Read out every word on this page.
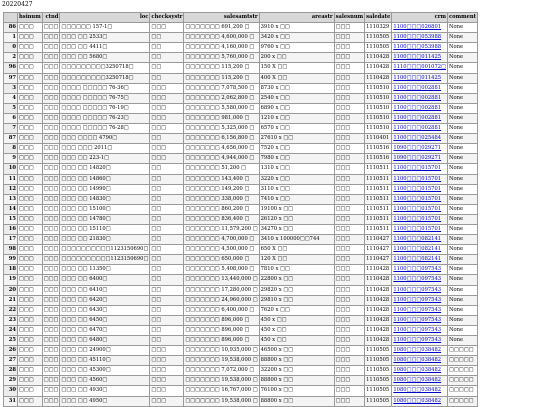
20220427
	hsinum	ctnd	loc	checksystr	salesamtstr	areastr	salesnum	saledate	crm	comment
86	□□□	□□□	□□□□□□ 157-1□	□□□	□□□□□□□ 691,200 □	3910 x □□	□□□	1110329	1100□□□026801	None
1	□□□	□□□	□□□ □□ 2533□	□□	□□□□□□□ 4,600,000 □	3420 x □□	□□□	1110505	1100□□□053988	None
0	□□□	□□□	□□□ □□ 4411□	□□	□□□□□□□ 4,160,000 □	9760 x □□	□□□	1110505	1100□□□053988	None
2	□□□	□□□	□□□ □□ 5680□	□□	□□□□□□□ 5,760,000 □	200 x □□	□□□	1110428	1100□□□011425	None
96	□□□	□□□	□□□□□□□□□3250718□	□□	□□□□□□□ 115,200 □	150 X □□	□□□	1110428	1110□□□001072□	None
97	□□□	□□□	□□□□□□□□□3250718□	□□	□□□□□□□ 115,200 □	400 X □□	□□□	1110428	1100□□□011425	None
3	□□□	□□□	□□□□ □□□□□ 76-36□	□□□	□□□□□□□ 7,078,500 □	8730 x □□	□□□	1110510	1100□□□002881	None
4	□□□	□□□	□□□□ □□□□□ 76-75□	□□□	□□□□□□□ 2,062,800 □	2540 x □□	□□□	1110510	1100□□□002881	None
5	□□□	□□□	□□□□ □□□□□ 76-19□	□□□	□□□□□□□ 5,580,000 □	6890 x □□	□□□	1110510	1100□□□002881	None
6	□□□	□□□	□□□□ □□□□□ 76-23□	□□□	□□□□□□□ 981,000 □	1210 x □□	□□□	1110510	1100□□□002881	None
7	□□□	□□□	□□□□ □□□□□ 76-28□	□□□	□□□□□□□ 5,325,000 □	6570 x □□	□□□	1110510	1100□□□002881	None
87	□□□	□□□	□□□ □□□□ 4790□	□□	□□□□□□□ 6,156,800 □	27610 x □□	□□□	1110401	1100□□□025484	None
8	□□□	□□□	□□□ □□□ 2011□	□□□	□□□□□□□ 4,656,000 □	7520 x □□	□□□	1110516	1090□□□029271	None
9	□□□	□□□	□□□ □□ 223-1□	□□□	□□□□□□□ 4,944,000 □	7980 x □□	□□□	1110516	1090□□□029271	None
10	□□□	□□□	□□□ □□ 14820□	□□	□□□□□□□ 51,200 □	1310 x □□	□□□	1110511	1100□□□015701	None
11	□□□	□□□	□□□ □□ 14860□	□□	□□□□□□□ 143,400 □	3220 x □□	□□□	1110511	1100□□□015701	None
12	□□□	□□□	□□□ □□ 14990□	□□	□□□□□□□ 149,200 □	3110 x □□	□□□	1110511	1100□□□015701	None
13	□□□	□□□	□□□ □□ 14830□	□□	□□□□□□□ 338,000 □	7410 x □□	□□□	1110511	1100□□□015701	None
14	□□□	□□□	□□□ □□ 15100□	□□	□□□□□□□ 860,200 □	19100 x □□	□□□	1110511	1100□□□015701	None
15	□□□	□□□	□□□ □□ 14780□	□□	□□□□□□□ 836,400 □	26120 x □□	□□□	1110511	1100□□□015701	None
16	□□□	□□□	□□□ □□ 15110□	□□	□□□□□□□ 11,579,200 □	34270 x □□	□□□	1110511	1100□□□015701	None
17	□□□	□□□	□□□ □□ 21830□	□□	□□□□□□□ 4,700,000 □	3410 x 100000□□744	□□□	1110427	1100□□□082141	None
98	□□□	□□□	□□□□□□□□□□1123150690□	□□	□□□□□□□ 4,500,000 □	650 X □□	□□□	1110427	1100□□□082141	None
99	□□□	□□□	□□□□□□□□□□1123150690□	□□	□□□□□□□ 650,000 □	120 X □□	□□□	1110427	1100□□□082141	None
18	□□□	□□□	□□□ □□ 11350□	□□	□□□□□□□ 5,408,000 □	7810 x □□	□□□	1110428	1100□□□097543	None
19	□□□	□□□	□□□ □□ 6400□	□□	□□□□□□□ 13,440,000 □	22800 x □□	□□□	1110428	1100□□□097543	None
20	□□□	□□□	□□□ □□ 6410□	□□	□□□□□□□ 17,280,000 □	29820 x □□	□□□	1110428	1100□□□097543	None
21	□□□	□□□	□□□ □□ 6420□	□□	□□□□□□□ 24,960,000 □	29810 x □□	□□□	1110428	1100□□□097543	None
22	□□□	□□□	□□□ □□ 6430□	□□	□□□□□□□ 6,400,000 □	7620 x □□	□□□	1110428	1100□□□097543	None
23	□□□	□□□	□□□ □□ 6450□	□□	□□□□□□□ 896,000 □	450 x □□	□□□	1110428	1100□□□097543	None
24	□□□	□□□	□□□ □□ 6470□	□□	□□□□□□□ 896,000 □	450 x □□	□□□	1110428	1100□□□097543	None
25	□□□	□□□	□□□ □□ 6480□	□□	□□□□□□□ 896,000 □	450 x □□	□□□	1110428	1100□□□097543	None
26	□□□	□□□	□□□ □□ 24900□	□□□	□□□□□□□ 10,935,000 □	46500 x □□	□□□	1110505	1080□□□038482	□□□□□
27	□□□	□□□	□□□ □□ 45110□	□□□	□□□□□□□ 19,538,000 □	88800 x □□	□□□	1110505	1080□□□038482	□□□□□
28	□□□	□□□	□□□ □□ 45300□	□□□	□□□□□□□ 7,072,000 □	32200 x □□	□□□	1110505	1080□□□038482	□□□□□
29	□□□	□□□	□□□ □□ 4560□	□□□	□□□□□□□ 19,538,000 □	88800 x □□	□□□	1110505	1080□□□038482	□□□□□
30	□□□	□□□	□□□ □□ 4930□	□□□	□□□□□□□ 16,767,000 □	76100 x □□	□□□	1110505	1080□□□038482	□□□□□
31	□□□	□□□	□□□ □□ 4950□	□□□	□□□□□□□ 19,538,000 □	88800 x □□	□□□	1110505	1080□□□038482	□□□□□
